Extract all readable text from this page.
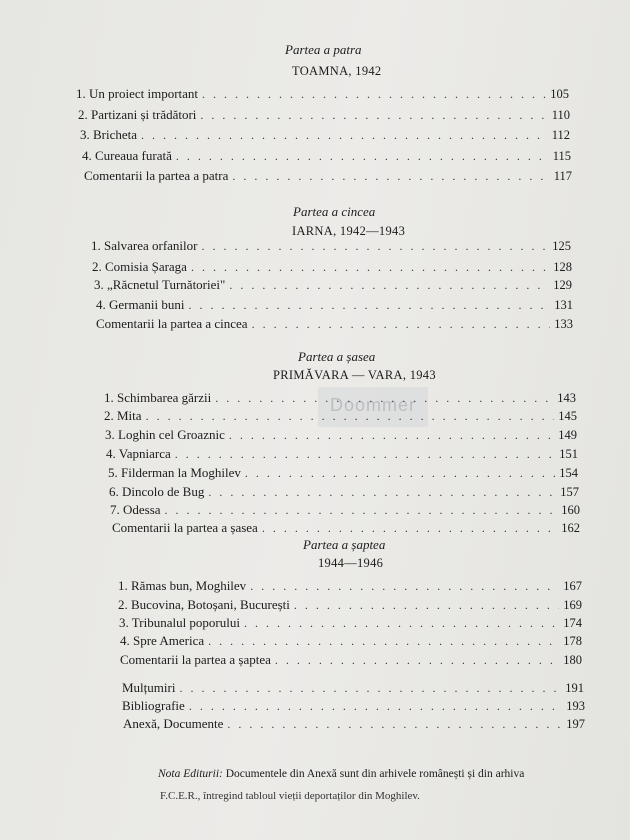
Doommer
Partea a patra
TOAMNA, 1942
1. Un proiect important . . .	105
2. Partizani și trădători . . .	110
3. Bricheta . . .	112
4. Cureaua furată . . .	115
Comentarii la partea a patra . . .	117
Partea a cincea
IARNA, 1942—1943
1. Salvarea orfanilor . . .	125
2. Comisia Șaraga . . .	128
3. „Răcnetul Turnătoriei" . . .	129
4. Germanii buni . . .	131
Comentarii la partea a cincea . . .	133
Partea a șasea
PRIMĂVARA — VARA, 1943
1. Schimbarea gărzii . . .	143
2. Mita . . .	145
3. Loghin cel Groaznic . . .	149
4. Vapniarca . . .	151
5. Filderman la Moghilev . . .	154
6. Dincolo de Bug . . .	157
7. Odessa . . .	160
Comentarii la partea a șasea . . .	162
Partea a șaptea
1944—1946
1. Rămas bun, Moghilev . . .	167
2. Bucovina, Botoșani, București . . .	169
3. Tribunalul poporului . . .	174
4. Spre America . . .	178
Comentarii la partea a șaptea . . .	180
Mulțumiri . . .	191
Bibliografie . . .	193
Anexă, Documente . . .	197
Nota Editurii: Documentele din Anexă sunt din arhivele românești și din arhiva
F.C.E.R., întregind tabloul vieții deportaților din Moghilev.
